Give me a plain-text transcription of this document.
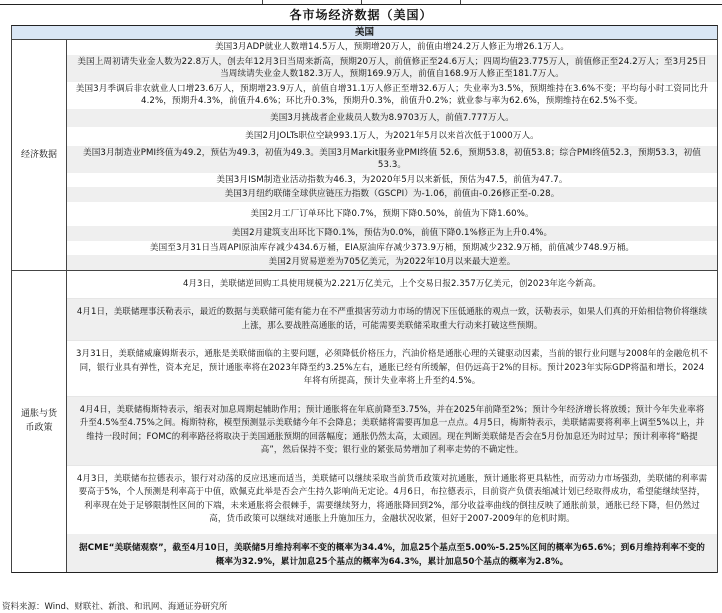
各市场经济数据（美国）
美国
经济数据
美国3月ADP就业人数增14.5万人，预期增20万人，前值由增24.2万人修正为增26.1万人。
美国上周初请失业金人数为22.8万人，创去年12月3日当周来新高，预期20万人，前值修正至24.6万人；四周均值23.775万人，前值修正至24.2万人；至3月25日当周续请失业金人数182.3万人，预期169.9万人，前值自168.9万人修正至181.7万人。
美国3月季调后非农就业人口增23.6万人，预期增23.9万人，前值自增31.1万人修正至增32.6万人；失业率为3.5%，预期维持在3.6%不变；平均每小时工资同比升4.2%，预期升4.3%，前值升4.6%；环比升0.3%，预期升0.3%，前值升0.2%；就业参与率为62.6%，预期维持在62.5%不变。
美国3月挑战者企业裁员人数为8.9703万人，前值7.777万人。
美国2月JOLTs职位空缺993.1万人，为2021年5月以来首次低于1000万人。
美国3月制造业PMI终值为49.2，预估为49.3，初值为49.3。美国3月Markit服务业PMI终值 52.6，预期53.8，初值53.8；综合PMI终值52.3，预期53.3，初值53.3。
美国3月ISM制造业活动指数为46.3，为2020年5月以来新低，预估为47.5，前值为47.7。
美国3月纽约联储全球供应链压力指数（GSCPI）为-1.06，前值由-0.26修正至-0.28。
美国2月工厂订单环比下降0.7%，预期下降0.50%，前值为下降1.60%。
美国2月建筑支出环比下降0.1%，预估为0.0%，前值下降0.1%修正为上升0.4%。
美国至3月31日当周API原油库存减少434.6万桶，EIA原油库存减少373.9万桶，预期减少232.9万桶，前值减少748.9万桶。
美国2月贸易逆差为705亿美元，为2022年10月以来最大逆差。
通胀与货币政策
4月3日，美联储逆回购工具使用规模为2.221万亿美元，上个交易日报2.357万亿美元，创2023年迄今新高。
4月1日，美联储理事沃勒表示，最近的数据与美联储可能有能力在不严重损害劳动力市场的情况下压低通胀的观点一致，沃勒表示，如果人们真的开始相信物价将继续上涨，那么要战胜高通胀的话，可能需要美联储采取重大行动来打破这些预期。
3月31日，美联储威廉姆斯表示，通胀是美联储面临的主要问题，必须降低价格压力，汽油价格是通胀心理的关键驱动因素，当前的银行业问题与2008年的金融危机不同，银行业具有弹性，资本充足，预计通胀率将在2023年降至约3.25%左右，通胀已经有所缓解，但仍远高于2%的目标。预计2023年实际GDP将温和增长，2024年将有所提高，预计失业率将上升至约4.5%。
4月4日，美联储梅斯特表示，缩表对加息周期起辅助作用；预计通胀将在年底前降至3.75%，并在2025年前降至2%；预计今年经济增长将放缓；预计今年失业率将升至4.5%至4.75%之间。梅斯特称，模型预测显示美联储今年不会降息；美联储将需要再加息一点点。4月5日，梅斯特表示，美联储需要将利率上调至5%以上，并维持一段时间；FOMC的利率路径将取决于美国通胀预期的回落幅度；通胀仍然太高，太顽固。现在判断美联储是否会在5月份加息还为时过早；预计利率将“略提高”，然后保持不变；银行业的紧张局势增加了利率走势的不确定性。
4月3日，美联储布拉德表示，银行对动荡的反应迅速而适当，美联储可以继续采取当前货币政策对抗通胀，预计通胀将更具粘性，而劳动力市场强劲，美联储的利率需要高于5%，个人预测是利率高于中值，欧佩克此举是否会产生持久影响尚无定论。4月6日，布拉德表示，目前资产负债表缩减计划已经取得成功，希望能继续坚持，利率现在处于足够限制性区间的下端，未来通胀将会很棘手，需要继续努力，将通胀降回到2%，部分收益率曲线的倒挂反映了通胀前景，通胀已经下降，但仍然过高，货币政策可以继续对通胀上升施加压力，金融状况收紧，但好于2007-2009年的危机时期。
据CME“美联储观察”，截至4月10日，美联储5月维持利率不变的概率为34.4%，加息25个基点至5.00%-5.25%区间的概率为65.6%；到6月维持利率不变的概率为32.9%，累计加息25个基点的概率为64.3%，累计加息50个基点的概率为2.8%。
资料来源：Wind、财联社、新浪、和讯网、海通证券研究所
